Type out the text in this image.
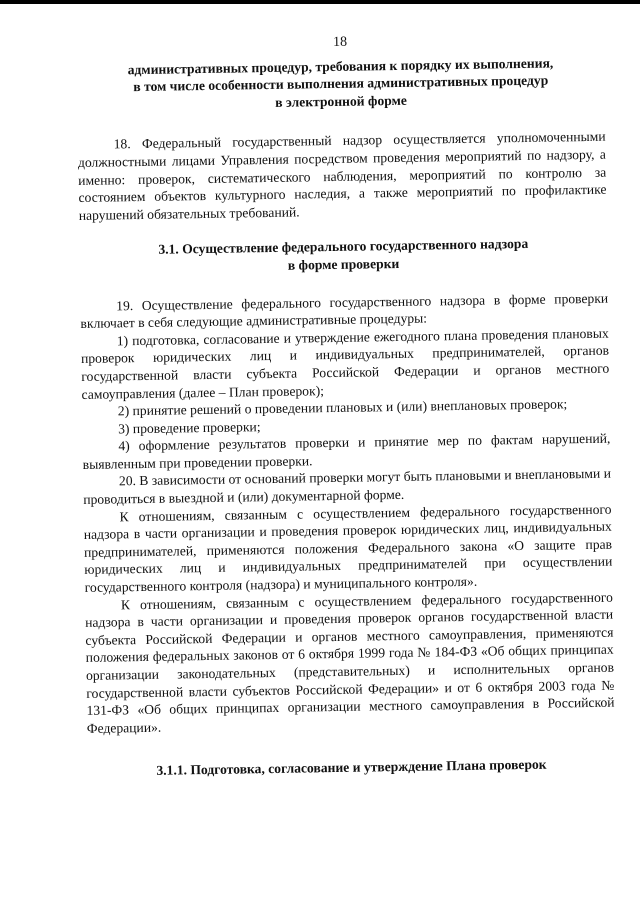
18
административных процедур, требования к порядку их выполнения,
в том числе особенности выполнения административных процедур
в электронной форме

18. Федеральный государственный надзор осуществляется уполномоченными должностными лицами Управления посредством проведения мероприятий по надзору, а именно: проверок, систематического наблюдения, мероприятий по контролю за состоянием объектов культурного наследия, а также мероприятий по профилактике нарушений обязательных требований.

3.1. Осуществление федерального государственного надзора
в форме проверки

19. Осуществление федерального государственного надзора в форме проверки включает в себя следующие административные процедуры:

1) подготовка, согласование и утверждение ежегодного плана проведения плановых проверок юридических лиц и индивидуальных предпринимателей, органов государственной власти субъекта Российской Федерации и органов местного самоуправления (далее – План проверок);

2) принятие решений о проведении плановых и (или) внеплановых проверок;

3) проведение проверки;

4) оформление результатов проверки и принятие мер по фактам нарушений, выявленным при проведении проверки.

20. В зависимости от оснований проверки могут быть плановыми и внеплановыми и проводиться в выездной и (или) документарной форме.

К отношениям, связанным с осуществлением федерального государственного надзора в части организации и проведения проверок юридических лиц, индивидуальных предпринимателей, применяются положения Федерального закона «О защите прав юридических лиц и индивидуальных предпринимателей при осуществлении государственного контроля (надзора) и муниципального контроля».

К отношениям, связанным с осуществлением федерального государственного надзора в части организации и проведения проверок органов государственной власти субъекта Российской Федерации и органов местного самоуправления, применяются положения федеральных законов от 6 октября 1999 года № 184-ФЗ «Об общих принципах организации законодательных (представительных) и исполнительных органов государственной власти субъектов Российской Федерации» и от 6 октября 2003 года № 131-ФЗ «Об общих принципах организации местного самоуправления в Российской Федерации».

3.1.1. Подготовка, согласование и утверждение Плана проверок
